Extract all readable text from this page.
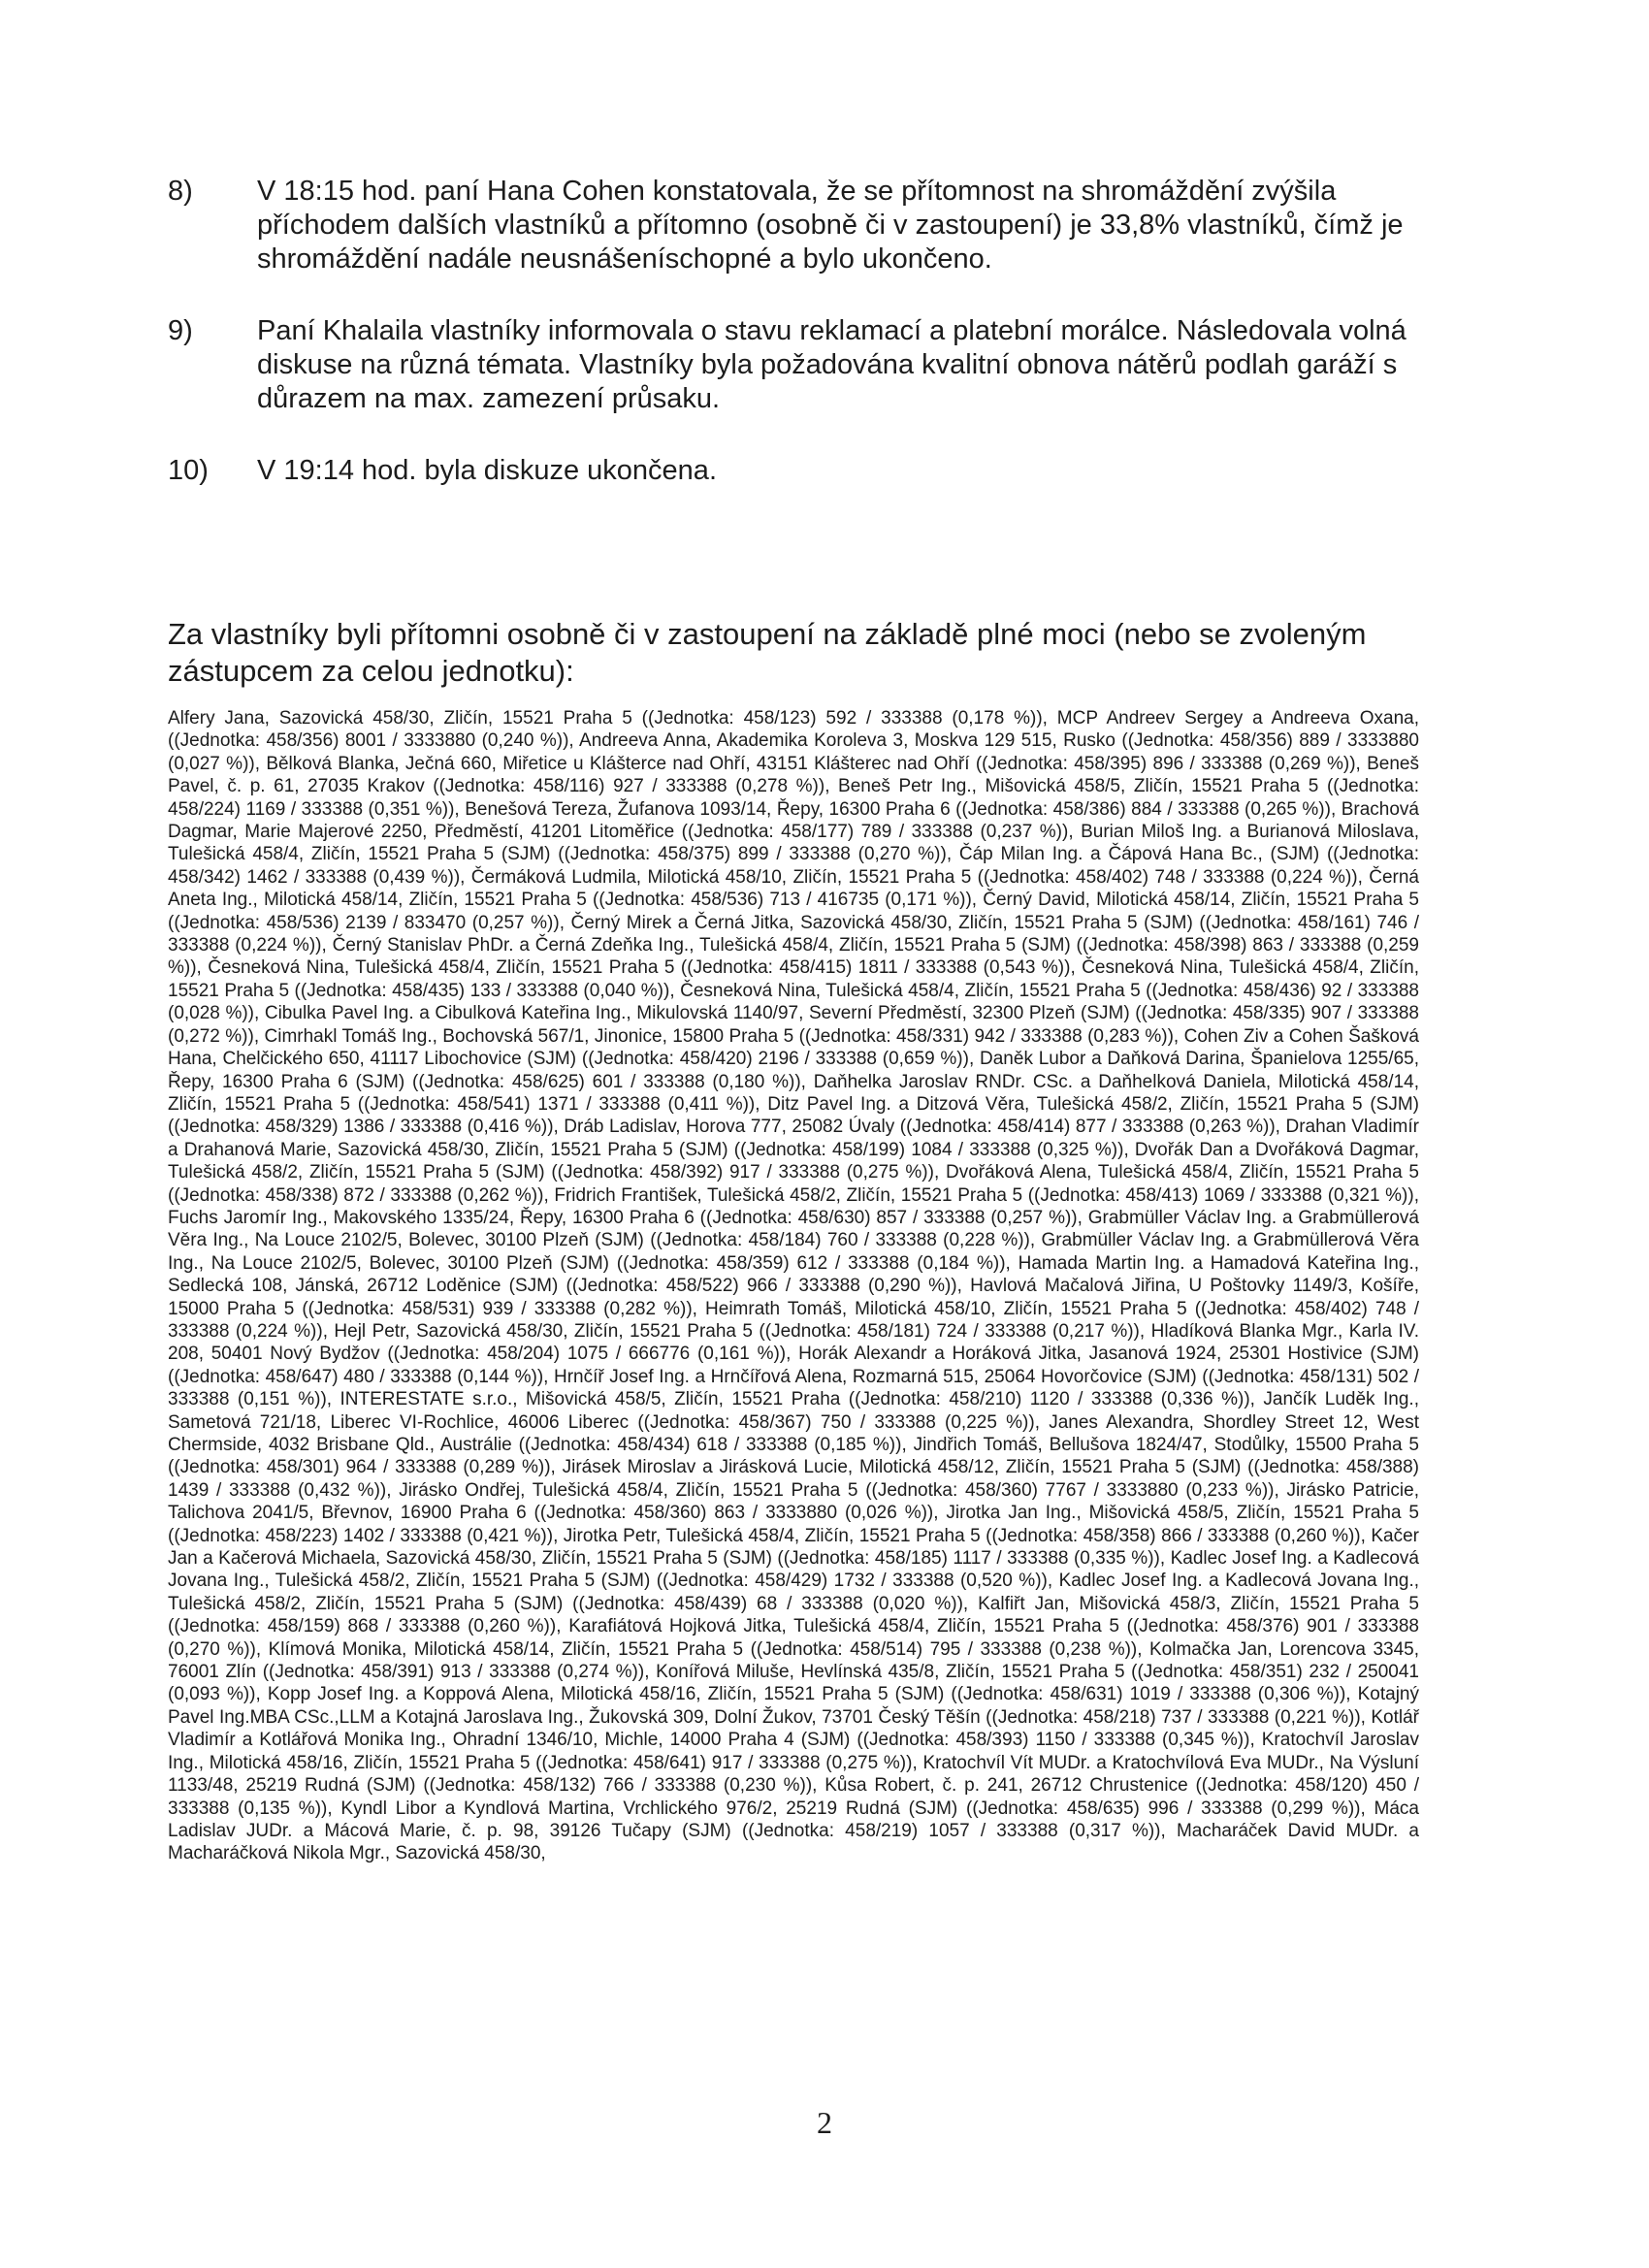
8)	V 18:15 hod. paní Hana Cohen konstatovala, že se přítomnost na shromáždění zvýšila příchodem dalších vlastníků a přítomno (osobně či v zastoupení) je 33,8% vlastníků, čímž je shromáždění nadále neusnášeníschopné a bylo ukončeno.
9)	Paní Khalaila vlastníky informovala o stavu reklamací a platební morálce. Následovala volná diskuse na různá témata. Vlastníky byla požadována kvalitní obnova nátěrů podlah garáží s důrazem na max. zamezení průsaku.
10)	V 19:14 hod. byla diskuze ukončena.
Za vlastníky byli přítomni osobně či v zastoupení na základě plné moci (nebo se zvoleným zástupcem za celou jednotku):
Alfery Jana, Sazovická 458/30, Zličín, 15521 Praha 5 ((Jednotka: 458/123) 592 / 333388 (0,178 %)), MCP Andreev Sergey a Andreeva Oxana, ((Jednotka: 458/356) 8001 / 3333880 (0,240 %)), Andreeva Anna, Akademika Koroleva 3, Moskva 129 515, Rusko ((Jednotka: 458/356) 889 / 3333880 (0,027 %)), Bělková Blanka, Ječná 660, Miřetice u Klášterce nad Ohří, 43151 Klášterec nad Ohří ((Jednotka: 458/395) 896 / 333388 (0,269 %)), Beneš Pavel, č. p. 61, 27035 Krakov ((Jednotka: 458/116) 927 / 333388 (0,278 %)), Beneš Petr Ing., Mišovická 458/5, Zličín, 15521 Praha 5 ((Jednotka: 458/224) 1169 / 333388 (0,351 %)), Benešová Tereza, Žufanova 1093/14, Řepy, 16300 Praha 6 ((Jednotka: 458/386) 884 / 333388 (0,265 %)), Brachová Dagmar, Marie Majerové 2250, Předměstí, 41201 Litoměřice ((Jednotka: 458/177) 789 / 333388 (0,237 %)), Burian Miloš Ing. a Burianová Miloslava, Tulešická 458/4, Zličín, 15521 Praha 5 (SJM) ((Jednotka: 458/375) 899 / 333388 (0,270 %)), Čáp Milan Ing. a Čápová Hana Bc., (SJM) ((Jednotka: 458/342) 1462 / 333388 (0,439 %)), Čermáková Ludmila, Milotická 458/10, Zličín, 15521 Praha 5 ((Jednotka: 458/402) 748 / 333388 (0,224 %)), Černá Aneta Ing., Milotická 458/14, Zličín, 15521 Praha 5 ((Jednotka: 458/536) 713 / 416735 (0,171 %)), Černý David, Milotická 458/14, Zličín, 15521 Praha 5 ((Jednotka: 458/536) 2139 / 833470 (0,257 %)), Černý Mirek a Černá Jitka, Sazovická 458/30, Zličín, 15521 Praha 5 (SJM) ((Jednotka: 458/161) 746 / 333388 (0,224 %)), Černý Stanislav PhDr. a Černá Zdeňka Ing., Tulešická 458/4, Zličín, 15521 Praha 5 (SJM) ((Jednotka: 458/398) 863 / 333388 (0,259 %)), Česneková Nina, Tulešická 458/4, Zličín, 15521 Praha 5 ((Jednotka: 458/415) 1811 / 333388 (0,543 %)), Česneková Nina, Tulešická 458/4, Zličín, 15521 Praha 5 ((Jednotka: 458/435) 133 / 333388 (0,040 %)), Česneková Nina, Tulešická 458/4, Zličín, 15521 Praha 5 ((Jednotka: 458/436) 92 / 333388 (0,028 %)), Cibulka Pavel Ing. a Cibulková Kateřina Ing., Mikulovská 1140/97, Severní Předměstí, 32300 Plzeň (SJM) ((Jednotka: 458/335) 907 / 333388 (0,272 %)), Cimrhakl Tomáš Ing., Bochovská 567/1, Jinonice, 15800 Praha 5 ((Jednotka: 458/331) 942 / 333388 (0,283 %)), Cohen Ziv a Cohen Šašková Hana, Chelčického 650, 41117 Libochovice (SJM) ((Jednotka: 458/420) 2196 / 333388 (0,659 %)), Daněk Lubor a Daňková Darina, Španielova 1255/65, Řepy, 16300 Praha 6 (SJM) ((Jednotka: 458/625) 601 / 333388 (0,180 %)), Daňhelka Jaroslav RNDr. CSc. a Daňhelková Daniela, Milotická 458/14, Zličín, 15521 Praha 5 ((Jednotka: 458/541) 1371 / 333388 (0,411 %)), Ditz Pavel Ing. a Ditzová Věra, Tulešická 458/2, Zličín, 15521 Praha 5 (SJM) ((Jednotka: 458/329) 1386 / 333388 (0,416 %)), Dráb Ladislav, Horova 777, 25082 Úvaly ((Jednotka: 458/414) 877 / 333388 (0,263 %)), Drahan Vladimír a Drahanová Marie, Sazovická 458/30, Zličín, 15521 Praha 5 (SJM) ((Jednotka: 458/199) 1084 / 333388 (0,325 %)), Dvořák Dan a Dvořáková Dagmar, Tulešická 458/2, Zličín, 15521 Praha 5 (SJM) ((Jednotka: 458/392) 917 / 333388 (0,275 %)), Dvořáková Alena, Tulešická 458/4, Zličín, 15521 Praha 5 ((Jednotka: 458/338) 872 / 333388 (0,262 %)), Fridrich František, Tulešická 458/2, Zličín, 15521 Praha 5 ((Jednotka: 458/413) 1069 / 333388 (0,321 %)), Fuchs Jaromír Ing., Makovského 1335/24, Řepy, 16300 Praha 6 ((Jednotka: 458/630) 857 / 333388 (0,257 %)), Grabmüller Václav Ing. a Grabmüllerová Věra Ing., Na Louce 2102/5, Bolevec, 30100 Plzeň (SJM) ((Jednotka: 458/184) 760 / 333388 (0,228 %)), Grabmüller Václav Ing. a Grabmüllerová Věra Ing., Na Louce 2102/5, Bolevec, 30100 Plzeň (SJM) ((Jednotka: 458/359) 612 / 333388 (0,184 %)), Hamada Martin Ing. a Hamadová Kateřina Ing., Sedlecká 108, Jánská, 26712 Loděnice (SJM) ((Jednotka: 458/522) 966 / 333388 (0,290 %)), Havlová Mačalová Jiřina, U Poštovky 1149/3, Košíře, 15000 Praha 5 ((Jednotka: 458/531) 939 / 333388 (0,282 %)), Heimrath Tomáš, Milotická 458/10, Zličín, 15521 Praha 5 ((Jednotka: 458/402) 748 / 333388 (0,224 %)), Hejl Petr, Sazovická 458/30, Zličín, 15521 Praha 5 ((Jednotka: 458/181) 724 / 333388 (0,217 %)), Hladíková Blanka Mgr., Karla IV. 208, 50401 Nový Bydžov ((Jednotka: 458/204) 1075 / 666776 (0,161 %)), Horák Alexandr a Horáková Jitka, Jasanová 1924, 25301 Hostivice (SJM) ((Jednotka: 458/647) 480 / 333388 (0,144 %)), Hrnčíř Josef Ing. a Hrnčířová Alena, Rozmarná 515, 25064 Hovorčovice (SJM) ((Jednotka: 458/131) 502 / 333388 (0,151 %)), INTERESTATE s.r.o., Mišovická 458/5, Zličín, 15521 Praha ((Jednotka: 458/210) 1120 / 333388 (0,336 %)), Jančík Luděk Ing., Sametová 721/18, Liberec VI-Rochlice, 46006 Liberec ((Jednotka: 458/367) 750 / 333388 (0,225 %)), Janes Alexandra, Shordley Street 12, West Chermside, 4032 Brisbane Qld., Austrálie ((Jednotka: 458/434) 618 / 333388 (0,185 %)), Jindřich Tomáš, Bellušova 1824/47, Stodůlky, 15500 Praha 5 ((Jednotka: 458/301) 964 / 333388 (0,289 %)), Jirásek Miroslav a Jirásková Lucie, Milotická 458/12, Zličín, 15521 Praha 5 (SJM) ((Jednotka: 458/388) 1439 / 333388 (0,432 %)), Jirásko Ondřej, Tulešická 458/4, Zličín, 15521 Praha 5 ((Jednotka: 458/360) 7767 / 3333880 (0,233 %)), Jirásko Patricie, Talichova 2041/5, Břevnov, 16900 Praha 6 ((Jednotka: 458/360) 863 / 3333880 (0,026 %)), Jirotka Jan Ing., Mišovická 458/5, Zličín, 15521 Praha 5 ((Jednotka: 458/223) 1402 / 333388 (0,421 %)), Jirotka Petr, Tulešická 458/4, Zličín, 15521 Praha 5 ((Jednotka: 458/358) 866 / 333388 (0,260 %)), Kačer Jan a Kačerová Michaela, Sazovická 458/30, Zličín, 15521 Praha 5 (SJM) ((Jednotka: 458/185) 1117 / 333388 (0,335 %)), Kadlec Josef Ing. a Kadlecová Jovana Ing., Tulešická 458/2, Zličín, 15521 Praha 5 (SJM) ((Jednotka: 458/429) 1732 / 333388 (0,520 %)), Kadlec Josef Ing. a Kadlecová Jovana Ing., Tulešická 458/2, Zličín, 15521 Praha 5 (SJM) ((Jednotka: 458/439) 68 / 333388 (0,020 %)), Kalfiřt Jan, Mišovická 458/3, Zličín, 15521 Praha 5 ((Jednotka: 458/159) 868 / 333388 (0,260 %)), Karafiátová Hojková Jitka, Tulešická 458/4, Zličín, 15521 Praha 5 ((Jednotka: 458/376) 901 / 333388 (0,270 %)), Klímová Monika, Milotická 458/14, Zličín, 15521 Praha 5 ((Jednotka: 458/514) 795 / 333388 (0,238 %)), Kolmačka Jan, Lorencova 3345, 76001 Zlín ((Jednotka: 458/391) 913 / 333388 (0,274 %)), Konířová Miluše, Hevlínská 435/8, Zličín, 15521 Praha 5 ((Jednotka: 458/351) 232 / 250041 (0,093 %)), Kopp Josef Ing. a Koppová Alena, Milotická 458/16, Zličín, 15521 Praha 5 (SJM) ((Jednotka: 458/631) 1019 / 333388 (0,306 %)), Kotajný Pavel Ing.MBA CSc.,LLM a Kotajná Jaroslava Ing., Žukovská 309, Dolní Žukov, 73701 Český Těšín ((Jednotka: 458/218) 737 / 333388 (0,221 %)), Kotlář Vladimír a Kotlářová Monika Ing., Ohradní 1346/10, Michle, 14000 Praha 4 (SJM) ((Jednotka: 458/393) 1150 / 333388 (0,345 %)), Kratochvíl Jaroslav Ing., Milotická 458/16, Zličín, 15521 Praha 5 ((Jednotka: 458/641) 917 / 333388 (0,275 %)), Kratochvíl Vít MUDr. a Kratochvílová Eva MUDr., Na Výsluní 1133/48, 25219 Rudná (SJM) ((Jednotka: 458/132) 766 / 333388 (0,230 %)), Kůsa Robert, č. p. 241, 26712 Chrustenice ((Jednotka: 458/120) 450 / 333388 (0,135 %)), Kyndl Libor a Kyndlová Martina, Vrchlického 976/2, 25219 Rudná (SJM) ((Jednotka: 458/635) 996 / 333388 (0,299 %)), Máca Ladislav JUDr. a Mácová Marie, č. p. 98, 39126 Tučapy (SJM) ((Jednotka: 458/219) 1057 / 333388 (0,317 %)), Macharáček David MUDr. a Macharáčková Nikola Mgr., Sazovická 458/30,
2
